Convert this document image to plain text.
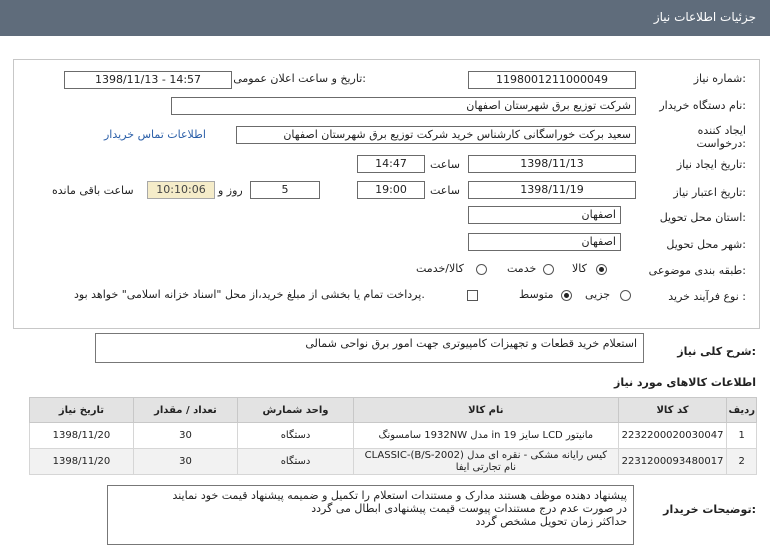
جزئیات اطلاعات نیاز
شماره نیاز:
1198001211000049
تاریخ و ساعت اعلان عمومی:
1398/11/13 - 14:57
نام دستگاه خریدار:
شرکت توزیع برق شهرستان اصفهان
ایجاد کننده درخواست:
سعید برکت خوراسگانی کارشناس خرید شرکت توزیع برق شهرستان اصفهان
اطلاعات تماس خریدار
تاریخ ایجاد نیاز:
1398/11/13
ساعت
14:47
تاریخ اعتبار نیاز:
1398/11/19
ساعت
19:00
5
روز و
10:10:06
ساعت باقی مانده
استان محل تحویل:
اصفهان
شهر محل تحویل:
اصفهان
طبقه بندی موضوعی:
کالا
خدمت
کالا/خدمت
نوع فرآیند خرید :
جزیی
متوسط
پرداخت تمام یا بخشی از مبلغ خرید،از محل "اسناد خزانه اسلامی" خواهد بود.
شرح کلی نیاز:
استعلام خرید قطعات و تجهیزات کامپیوتری جهت امور برق نواحی شمالی
اطلاعات کالاهای مورد نیاز
ردیف	کد کالا	نام کالا	واحد شمارش	تعداد / مقدار	تاریخ نیاز
1	2232200020030047	مانیتور LCD سایز 19 in مدل 1932NW سامسونگ	دستگاه	30	1398/11/20
2	2231200093480017	کیس رایانه مشکی - نقره ای مدل CLASSIC-(B/S-2002) نام تجارتی ایفا	دستگاه	30	1398/11/20
توضیحات خریدار:
پیشنهاد دهنده موظف هستند مدارک و مستندات استعلام را تکمیل و ضمیمه پیشنهاد قیمت خود نمایند
در صورت عدم درج مستندات پیوست قیمت پیشنهادی ابطال می گردد
حداکثر زمان تحویل مشخص گردد
